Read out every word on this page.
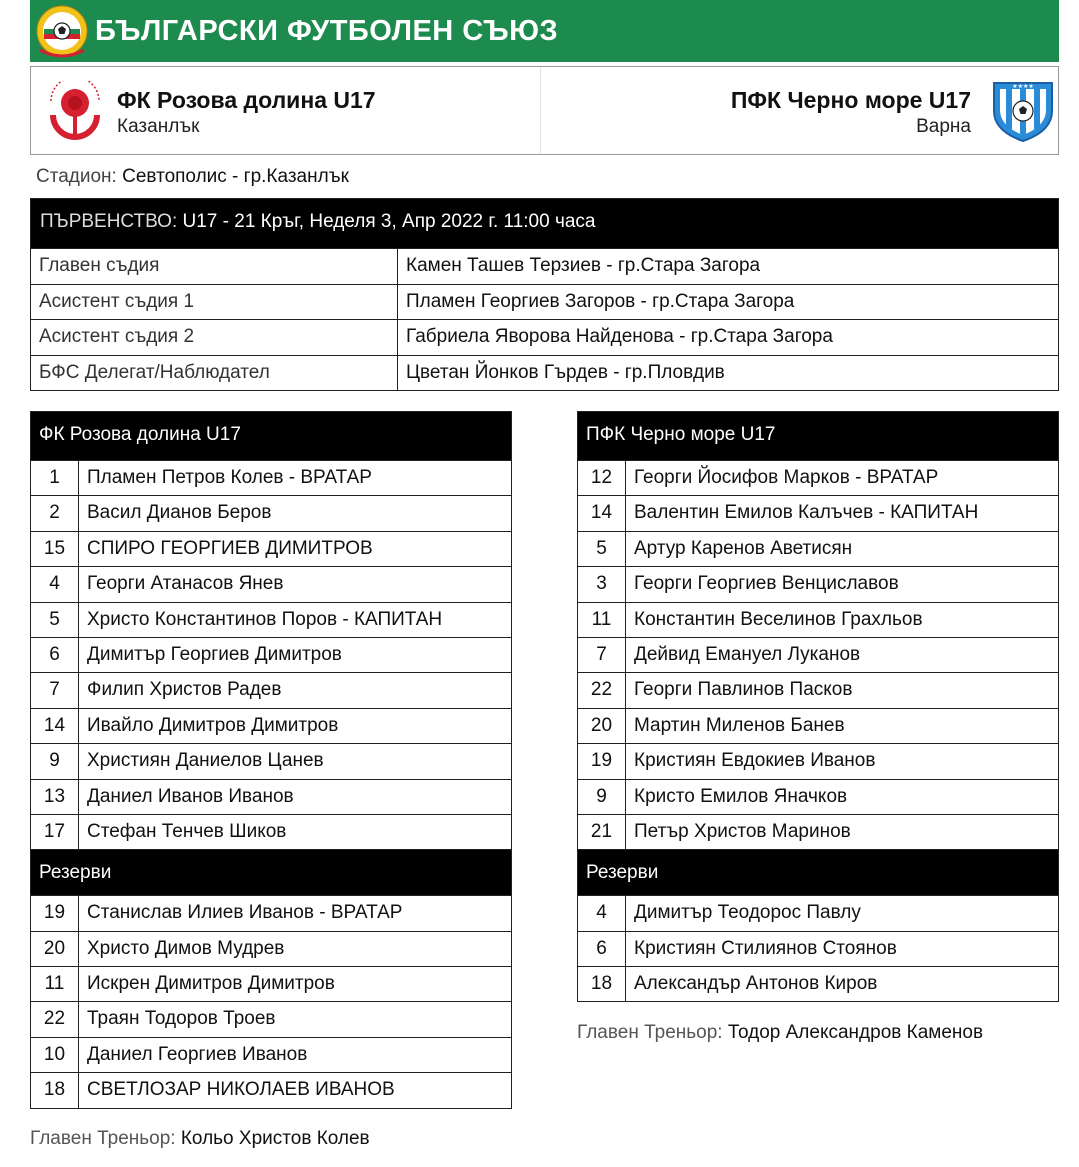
БЪЛГАРСКИ ФУТБОЛЕН СЪЮЗ
ФК Розова долина U17
Казанлък
★★★★
ПФК Черно море U17
Варна
Стадион: Севтополис - гр.Казанлък
ПЪРВЕНСТВО: U17 - 21 Кръг, Неделя 3, Апр 2022 г. 11:00 часа
Главен съдия	Камен Ташев Терзиев - гр.Стара Загора
Асистент съдия 1	Пламен Георгиев Загоров - гр.Стара Загора
Асистент съдия 2	Габриела Яворова Найденова - гр.Стара Загора
БФС Делегат/Наблюдател	Цветан Йонков Гърдев - гр.Пловдив
ФК Розова долина U17
1	Пламен Петров Колев - ВРАТАР
2	Васил Дианов Беров
15	СПИРО ГЕОРГИЕВ ДИМИТРОВ
4	Георги Атанасов Янев
5	Христо Константинов Поров - КАПИТАН
6	Димитър Георгиев Димитров
7	Филип Христов Радев
14	Ивайло Димитров Димитров
9	Християн Даниелов Цанев
13	Даниел Иванов Иванов
17	Стефан Тенчев Шиков
Резерви
19	Станислав Илиев Иванов - ВРАТАР
20	Христо Димов Мудрев
11	Искрен Димитров Димитров
22	Траян Тодоров Троев
10	Даниел Георгиев Иванов
18	СВЕТЛОЗАР НИКОЛАЕВ ИВАНОВ
ПФК Черно море U17
12	Георги Йосифов Марков - ВРАТАР
14	Валентин Емилов Калъчев - КАПИТАН
5	Артур Кaренов Аветисян
3	Георги Георгиев Венциславов
11	Константин Веселинов Грахльов
7	Дейвид Емануел Луканов
22	Георги Павлинов Пасков
20	Мартин Миленов Банев
19	Кристиян Евдокиев Иванов
9	Кристо Емилов Яначков
21	Петър Христов Маринов
Резерви
4	Димитър Теодорос Павлу
6	Кристиян Стилиянов Стоянов
18	Александър Антонов Киров
Главен Треньор: Тодор Александров Каменов
Главен Треньор: Кольо Христов Колев
